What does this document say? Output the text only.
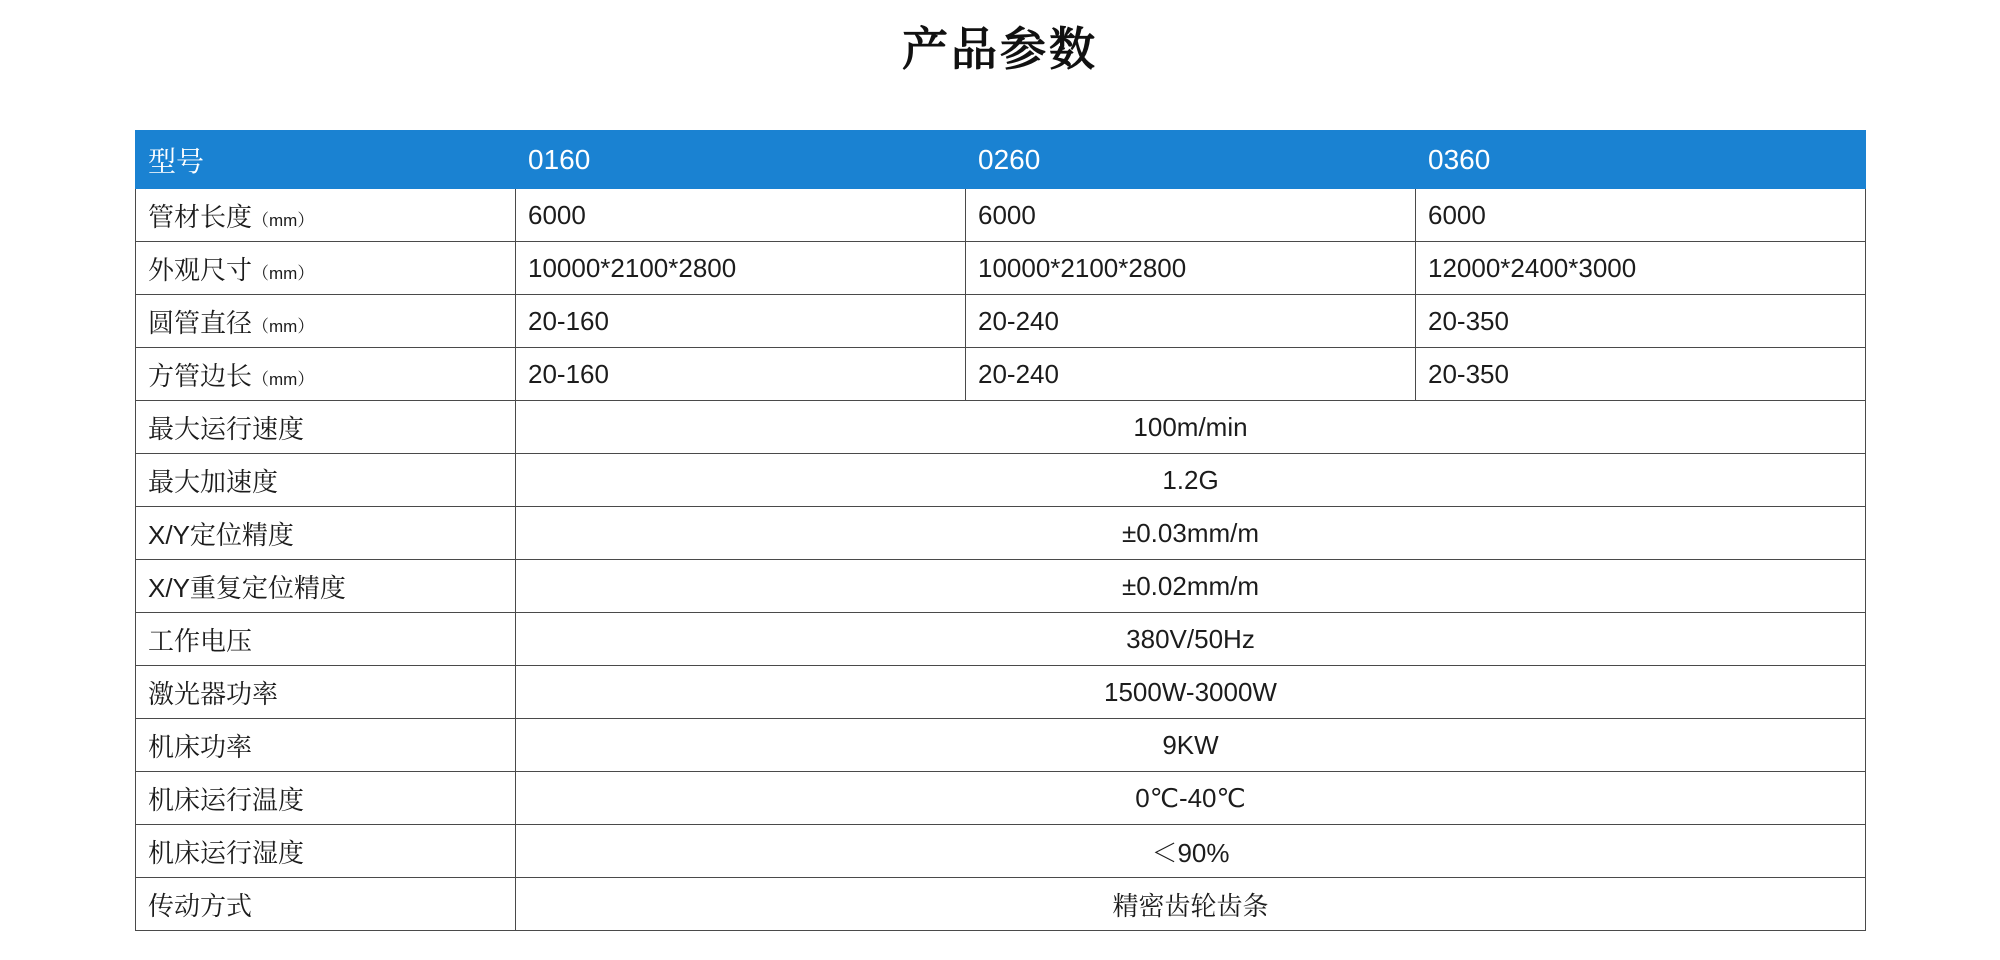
产品参数
型号	0160	0260	0360
管材长度（mm）	6000	6000	6000
外观尺寸（mm）	10000*2100*2800	10000*2100*2800	12000*2400*3000
圆管直径（mm）	20-160	20-240	20-350
方管边长（mm）	20-160	20-240	20-350
最大运行速度	100m/min		
最大加速度	1.2G		
X/Y定位精度	±0.03mm/m		
X/Y重复定位精度	±0.02mm/m		
工作电压	380V/50Hz		
激光器功率	1500W-3000W		
机床功率	9KW		
机床运行温度	0℃-40℃		
机床运行湿度	＜90%		
传动方式	精密齿轮齿条		
